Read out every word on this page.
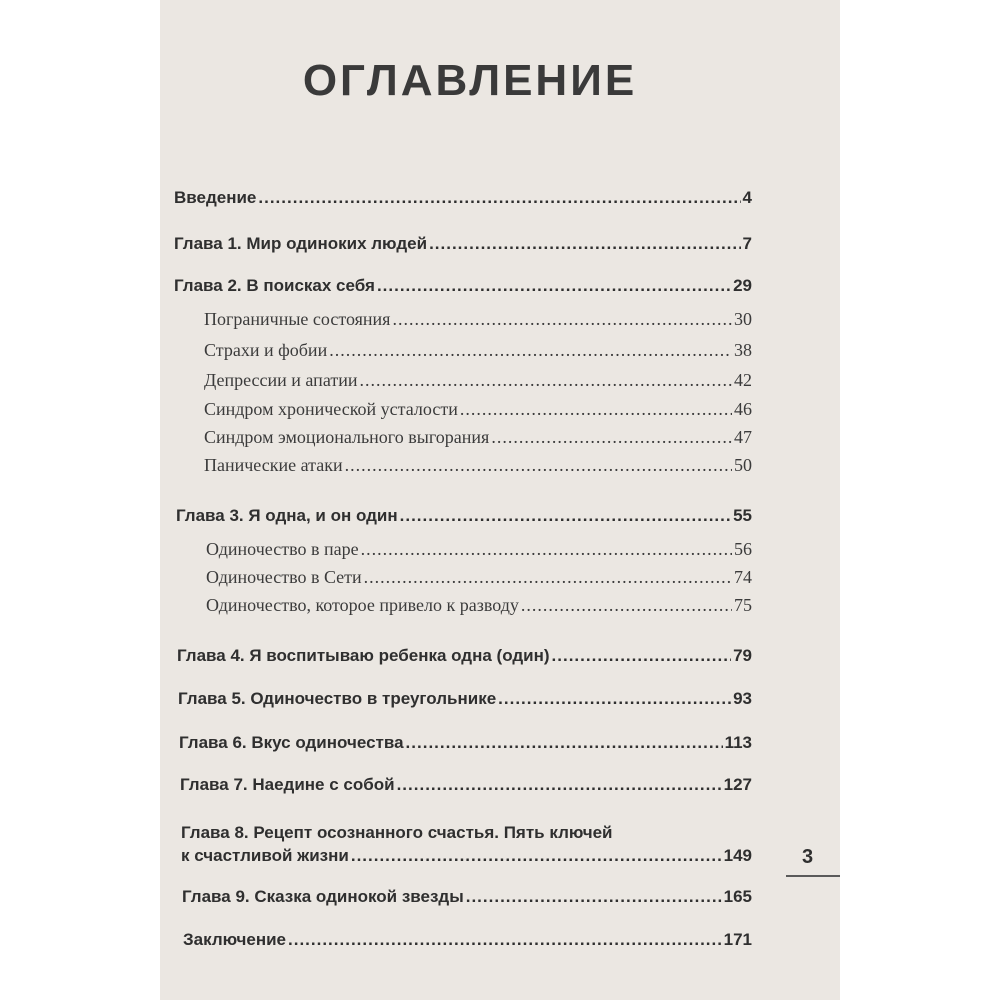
ОГЛАВЛЕНИЕ
Введение .....	4
Глава 1. Мир одиноких людей .....	7
Глава 2. В поисках себя .....	29
Пограничные состояния .....	30
Страхи и фобии .....	38
Депрессии и апатии .....	42
Синдром хронической усталости .....	46
Синдром эмоционального выгорания .....	47
Панические атаки .....	50
Глава 3. Я одна, и он один .....	55
Одиночество в паре .....	56
Одиночество в Сети .....	74
Одиночество, которое привело к разводу .....	75
Глава 4. Я воспитываю ребенка одна (один) .....	79
Глава 5. Одиночество в треугольнике .....	93
Глава 6. Вкус одиночества .....	113
Глава 7. Наедине с собой .....	127
Глава 8. Рецепт осознанного счастья. Пять ключей
к счастливой жизни .....	149
Глава 9. Сказка одинокой звезды .....	165
Заключение .....	171
3
